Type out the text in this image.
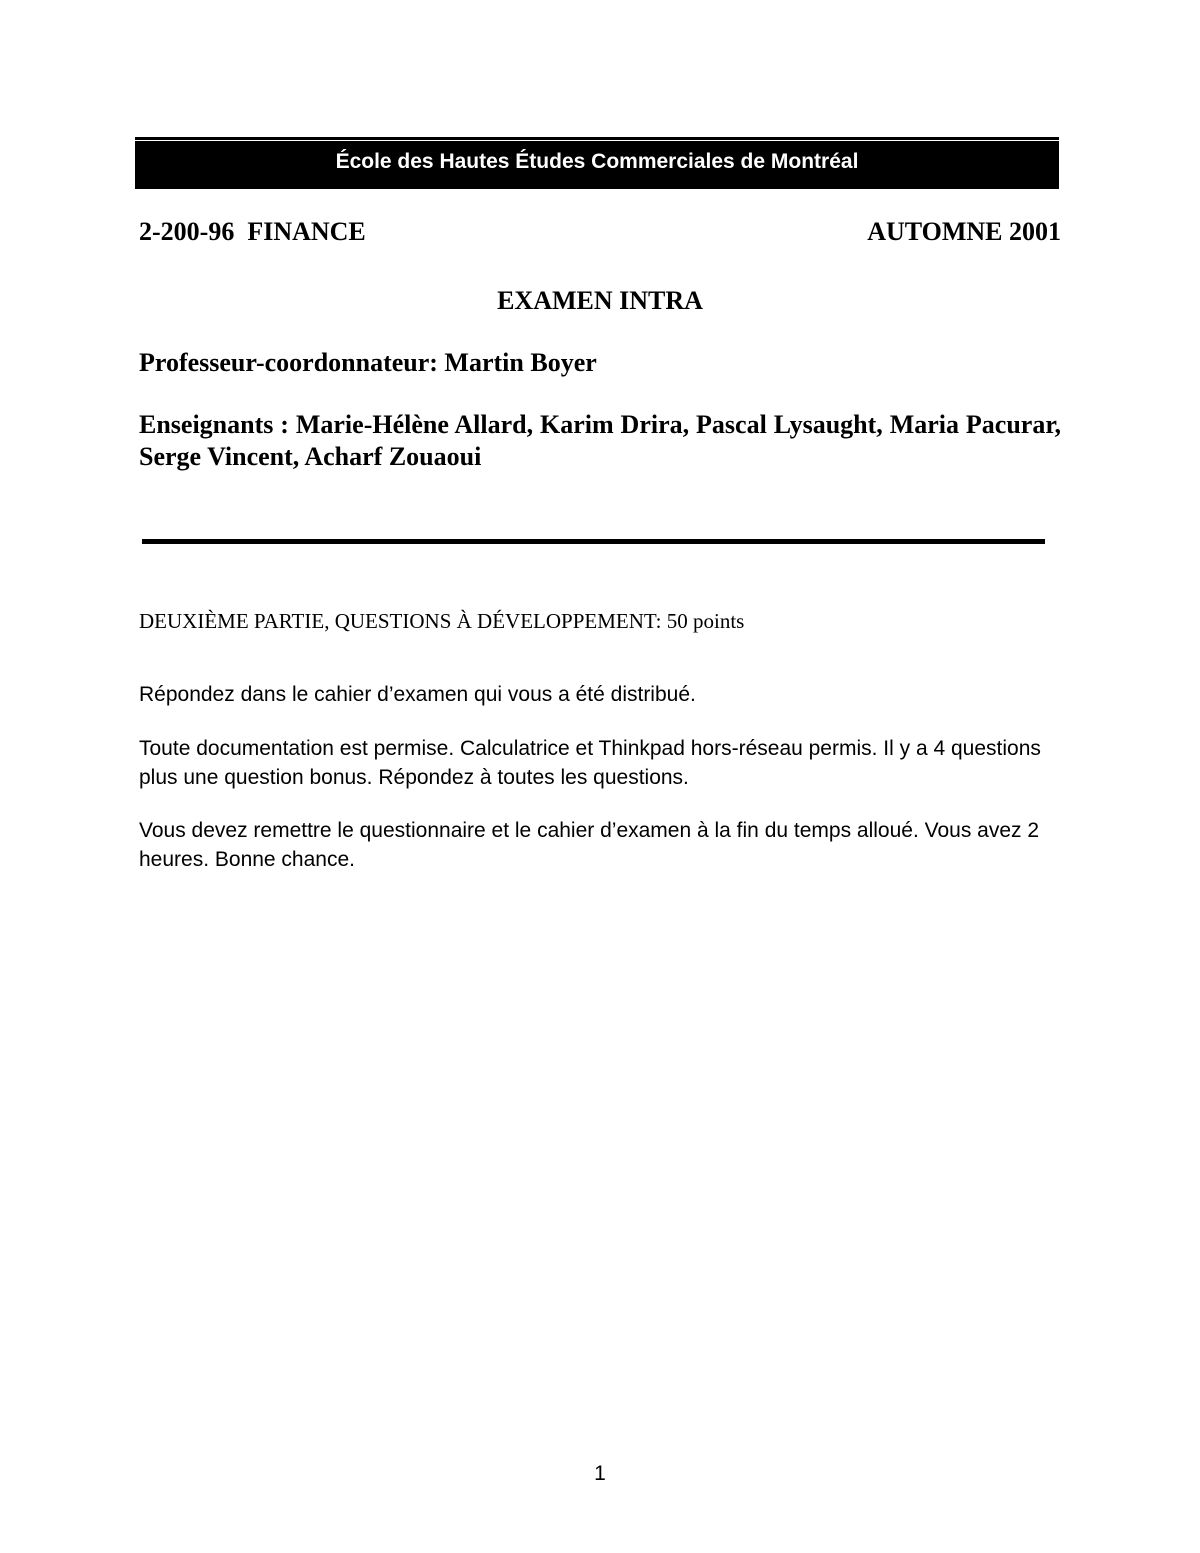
École des Hautes Études Commerciales de Montréal
2-200-96  FINANCE	AUTOMNE 2001
EXAMEN INTRA
Professeur-coordonnateur: Martin Boyer
Enseignants : Marie-Hélène Allard, Karim Drira, Pascal Lysaught, Maria Pacurar, Serge Vincent, Acharf Zouaoui
DEUXIÈME PARTIE, QUESTIONS À DÉVELOPPEMENT: 50 points
Répondez dans le cahier d’examen qui vous a été distribué.
Toute documentation est permise. Calculatrice et Thinkpad hors-réseau permis. Il y a 4 questions plus une question bonus. Répondez à toutes les questions.
Vous devez remettre le questionnaire et le cahier d’examen à la fin du temps alloué. Vous avez 2 heures. Bonne chance.
1
